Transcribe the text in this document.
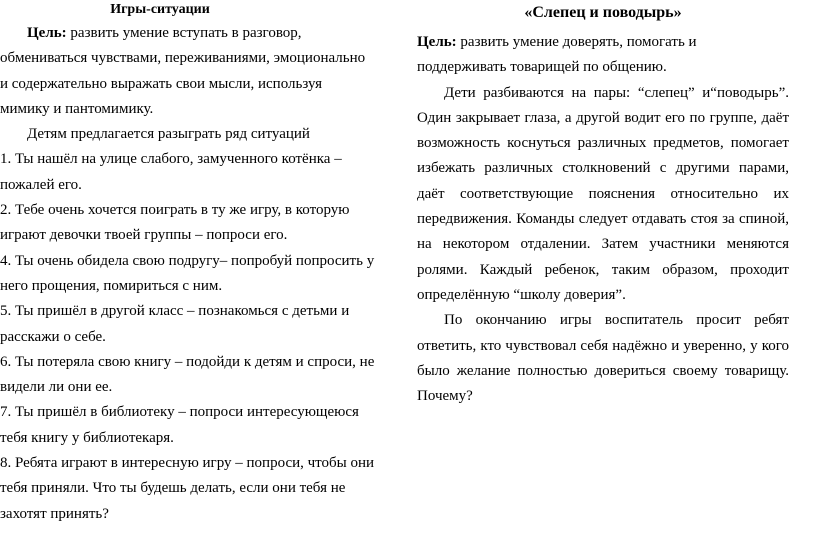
Игры-ситуации

Цель: развить умение вступать в разговор, обмениваться чувствами, переживаниями, эмоционально и содержательно выражать свои мысли, используя мимику и пантомимику.

Детям предлагается разыграть ряд ситуаций

1. Ты нашёл на улице слабого, замученного котёнка – пожалей его.

2. Тебе очень хочется поиграть в ту же игру, в которую играют девочки твоей группы – попроси его.

4. Ты очень обидела свою подругу– попробуй попросить у него прощения, помириться с ним.

5. Ты пришёл в другой класс – познакомься с детьми и расскажи о себе.

6. Ты потеряла свою книгу – подойди к детям и спроси, не видели ли они ее.

7. Ты пришёл в библиотеку – попроси интересующеюся тебя книгу у библиотекаря.

8. Ребята играют в интересную игру – попроси, чтобы они тебя приняли. Что ты будешь делать, если они тебя не захотят принять?

«Слепец и поводырь»

Цель: развить умение доверять, помогать и поддерживать товарищей по общению.

Дети разбиваются на пары: “слепец” и“поводырь”. Один закрывает глаза, а другой водит его по группе, даёт возможность коснуться различных предметов, помогает избежать различных столкновений с другими парами, даёт соответствующие пояснения относительно их передвижения. Команды следует отдавать стоя за спиной, на некотором отдалении. Затем участники меняются ролями. Каждый ребенок, таким образом, проходит определённую “школу доверия”.

По окончанию игры воспитатель просит ребят ответить, кто чувствовал себя надёжно и уверенно, у кого было желание полностью довериться своему товарищу. Почему?
